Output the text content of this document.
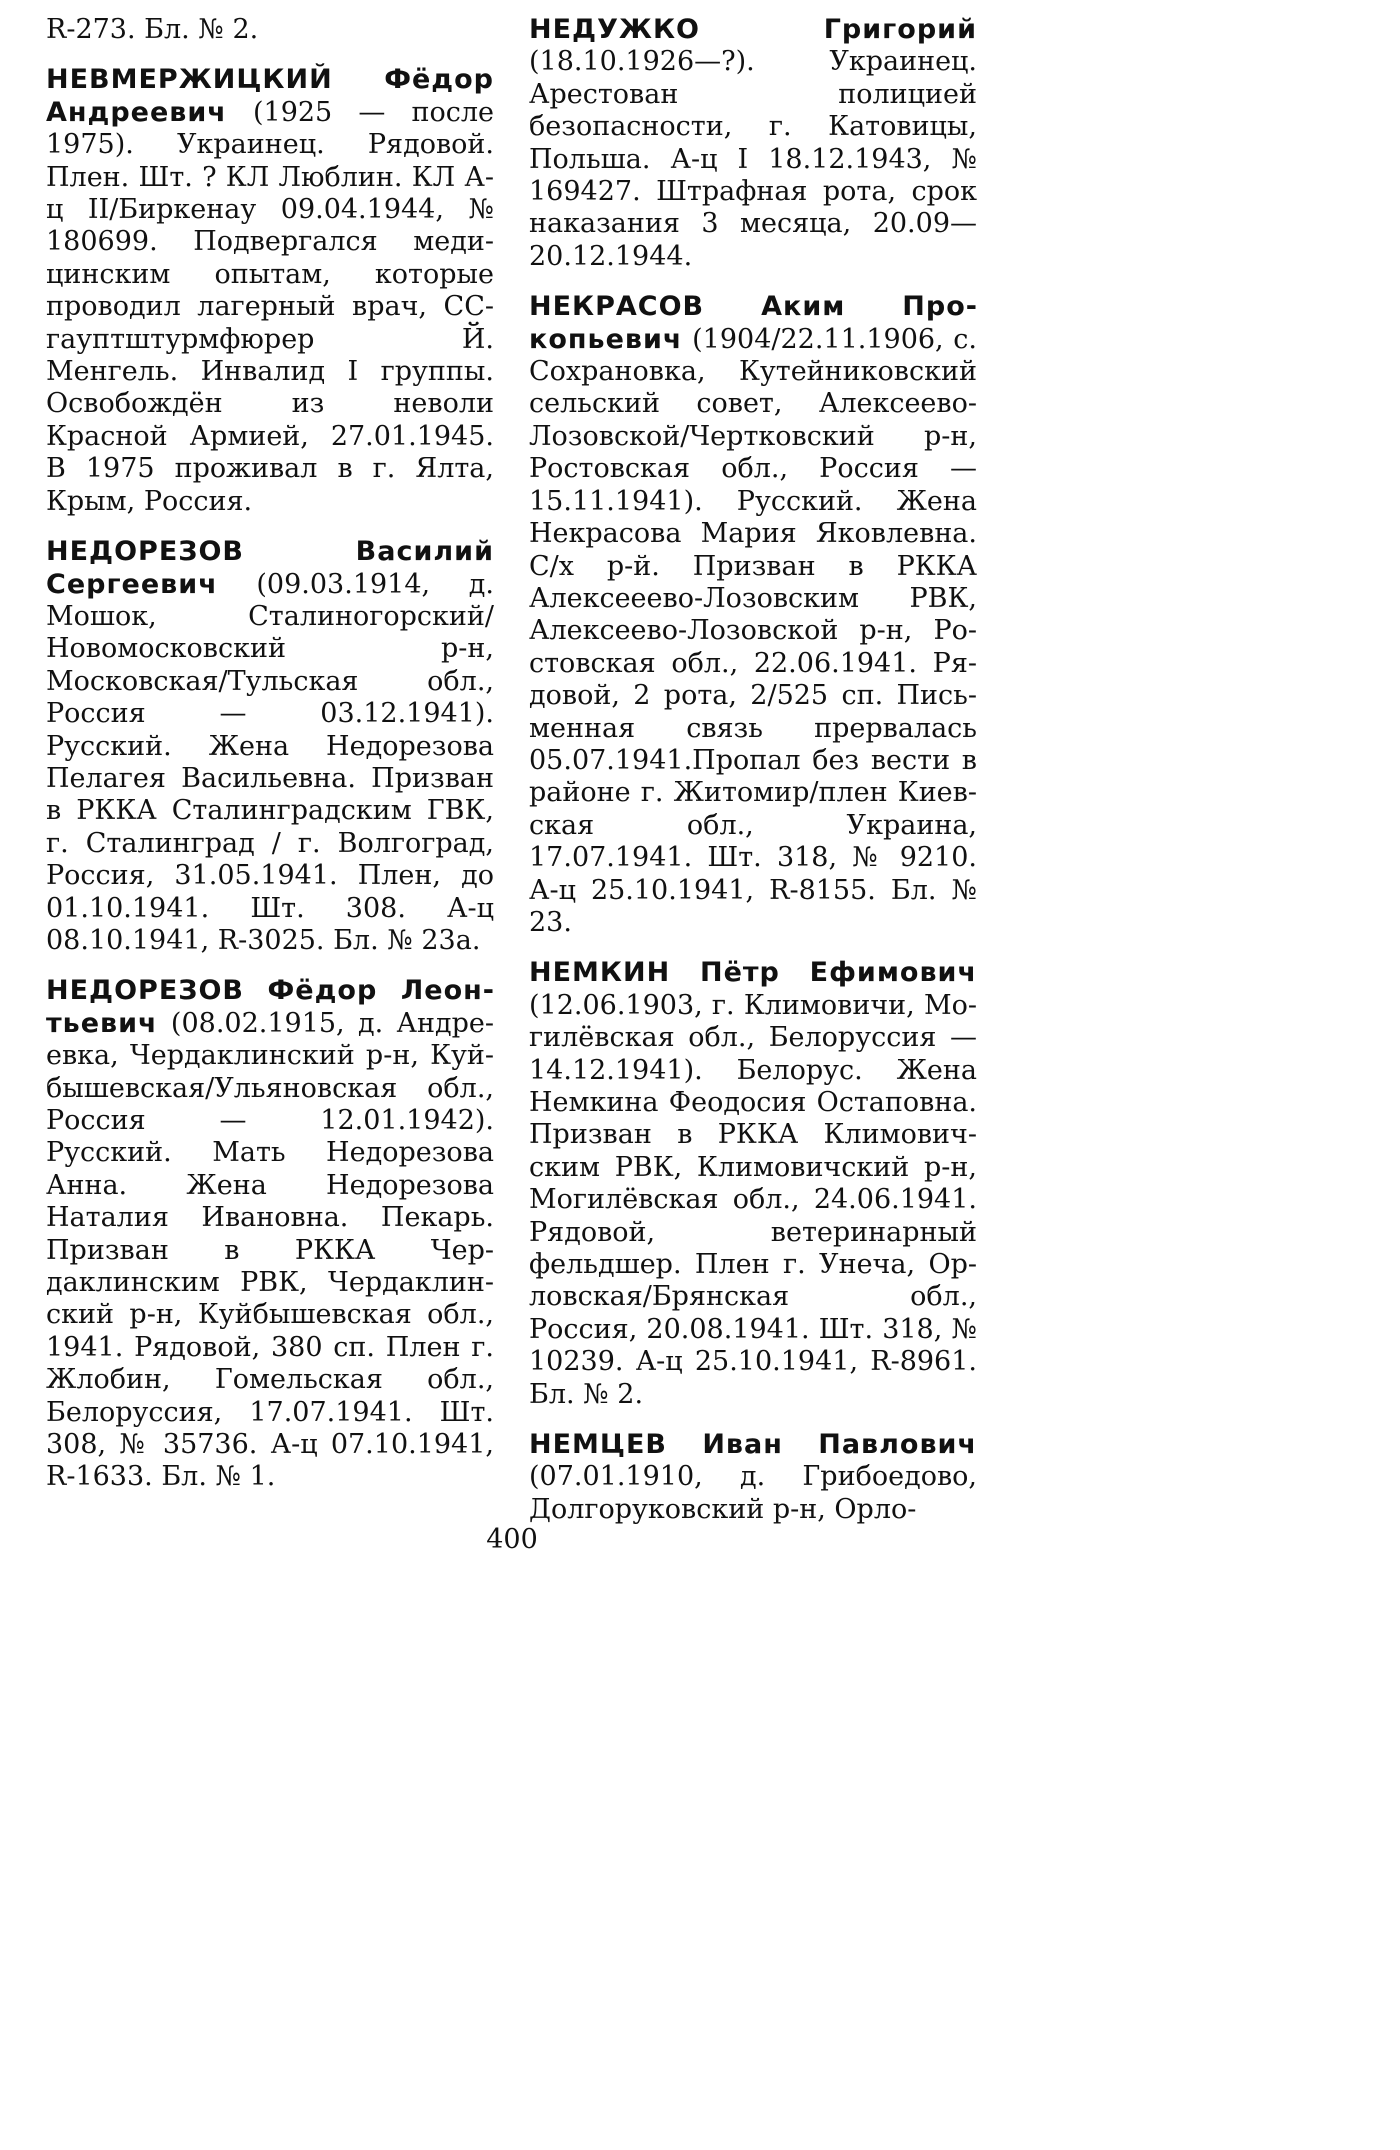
R-273. Бл. № 2.

НЕВМЕРЖИЦКИЙ Фёдор Андреевич (1925 — после 1975). Украинец. Рядовой. Плен. Шт. ? КЛ Люблин. КЛ А-ц II/Биркенау 09.04.1944, № 180699. Подвергался медицинским опытам, которые проводил лагерный врач, СС-гауптштурмфюрер Й. Менгель. Инвалид I группы. Освобождён из неволи Красной Армией, 27.01.1945. В 1975 проживал в г. Ялта, Крым, Россия.

НЕДОРЕЗОВ Василий Сергеевич (09.03.1914, д. Мошок, Сталиногорский/Новомосковский р-н, Московская/Тульская обл., Россия — 03.12.1941). Русский. Жена Недорезова Пелагея Васильевна. Призван в РККА Сталинградским ГВК, г. Сталинград / г. Волгоград, Россия, 31.05.1941. Плен, до 01.10.1941. Шт. 308. А-ц 08.10.1941, R-3025. Бл. № 23а.

НЕДОРЕЗОВ Фёдор Леонтьевич (08.02.1915, д. Андреевка, Чердаклинский р-н, Куйбышевская/Ульяновская обл., Россия — 12.01.1942). Русский. Мать Недорезова Анна. Жена Недорезова Наталия Ивановна. Пекарь. Призван в РККА Чердаклинским РВК, Чердаклинский р-н, Куйбышевская обл., 1941. Рядовой, 380 сп. Плен г. Жлобин, Гомельская обл., Белоруссия, 17.07.1941. Шт. 308, № 35736. А-ц 07.10.1941, R-1633. Бл. № 1.

НЕДУЖКО Григорий (18.10.1926—?). Украинец. Арестован полицией безопасности, г. Катовицы, Польша. А-ц I 18.12.1943, № 169427. Штрафная рота, срок наказания 3 месяца, 20.09—20.12.1944.

НЕКРАСОВ Аким Прокопьевич (1904/22.11.1906, с. Сохрановка, Кутейниковский сельский совет, Алексеево-Лозовской/Чертковский р-н, Ростовская обл., Россия — 15.11.1941). Русский. Жена Некрасова Мария Яковлевна. С/х р-й. Призван в РККА Алексееево-Лозовским РВК, Алексеево-Лозовской р-н, Ростовская обл., 22.06.1941. Рядовой, 2 рота, 2/525 сп. Письменная связь прервалась 05.07.1941.Пропал без вести в районе г. Житомир/плен Киевская обл., Украина, 17.07.1941. Шт. 318, № 9210. А-ц 25.10.1941, R-8155. Бл. № 23.

НЕМКИН Пётр Ефимович (12.06.1903, г. Климовичи, Могилёвская обл., Белоруссия — 14.12.1941). Белорус. Жена Немкина Феодосия Остаповна. Призван в РККА Климовичским РВК, Климовичский р-н, Могилёвская обл., 24.06.1941. Рядовой, ветеринарный фельдшер. Плен г. Унеча, Орловская/Брянская обл., Россия, 20.08.1941. Шт. 318, № 10239. А-ц 25.10.1941, R-8961. Бл. № 2.

НЕМЦЕВ Иван Павлович (07.01.1910, д. Грибоедово, Долгоруковский р-н, Орло-

400
